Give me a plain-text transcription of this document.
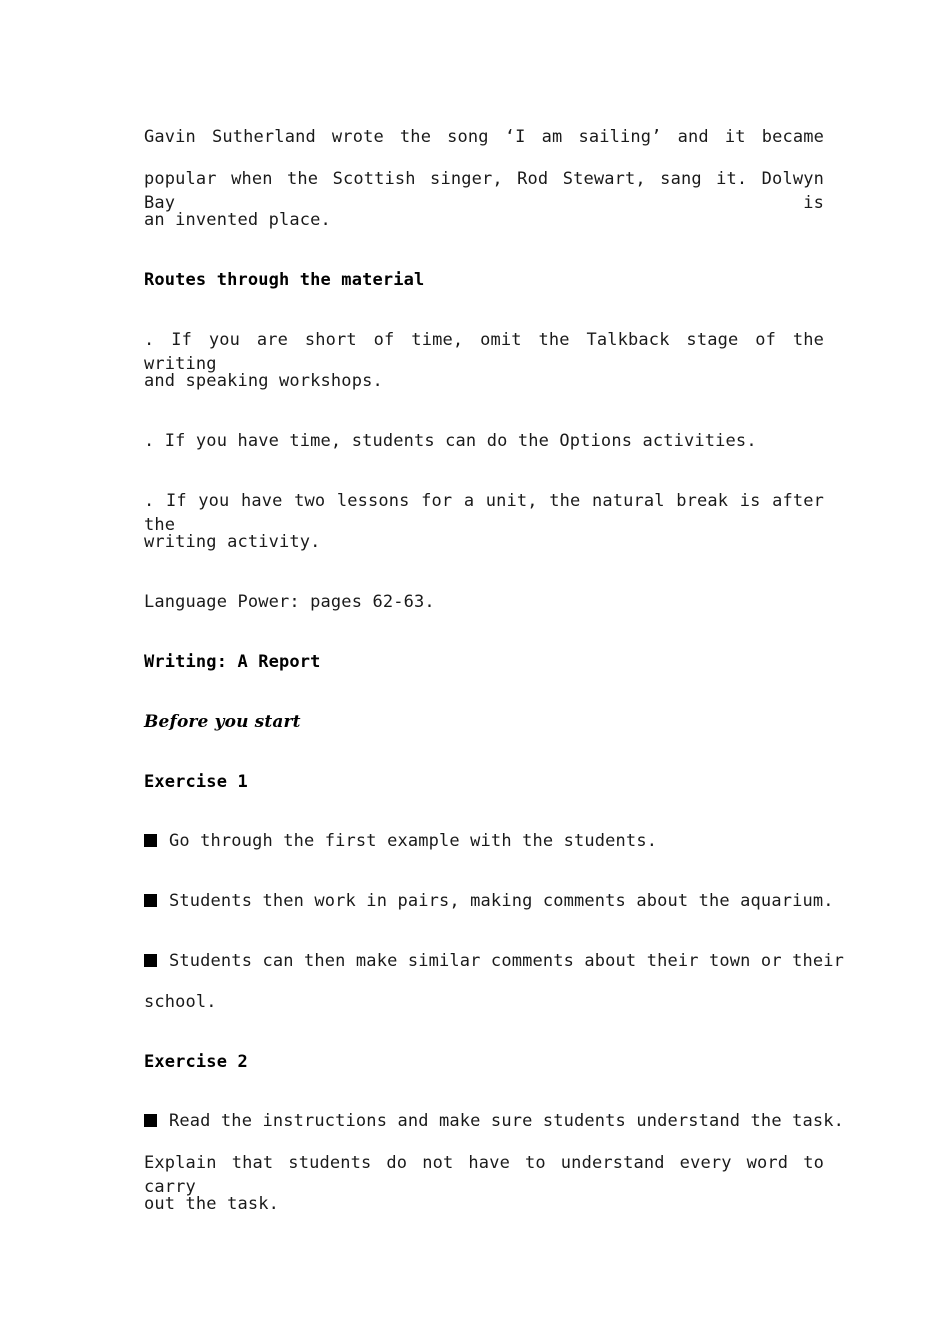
Gavin Sutherland wrote the song ‘I am sailing’ and it became
popular when the Scottish singer, Rod Stewart, sang it. Dolwyn Bay is
an invented place.
Routes through the material
. If you are short of time, omit the Talkback stage of the writing
and speaking workshops.
. If you have time, students can do the Options activities.
. If you have two lessons for a unit, the natural break is after the
writing activity.
Language Power: pages 62-63.
Writing: A Report
Before you start
Exercise 1
Go through the first example with the students.
Students then work in pairs, making comments about the aquarium.
Students can then make similar comments about their town or their
school.
Exercise 2
Read the instructions and make sure students understand the task.
Explain that students do not have to understand every word to carry
out the task.
